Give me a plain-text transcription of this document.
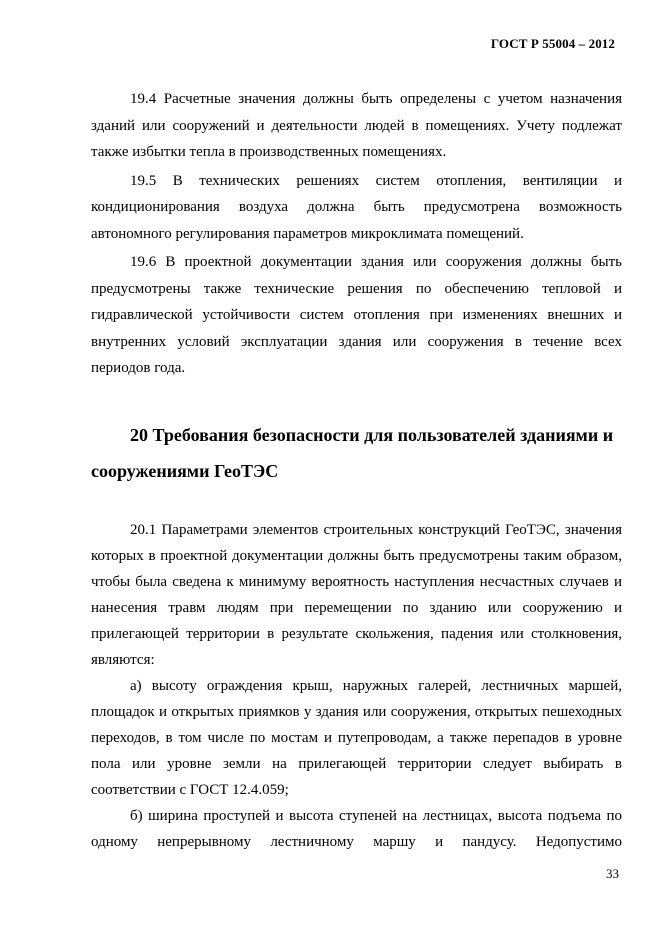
ГОСТ Р 55004 – 2012

19.4 Расчетные значения должны быть определены с учетом назначения зданий или сооружений и деятельности людей в помещениях. Учету подлежат также избытки тепла в производственных помещениях.

19.5 В технических решениях систем отопления, вентиляции и кондиционирования воздуха должна быть предусмотрена возможность автономного регулирования параметров микроклимата помещений.

19.6 В проектной документации здания или сооружения должны быть предусмотрены также технические решения по обеспечению тепловой и гидравлической устойчивости систем отопления при изменениях внешних и внутренних условий эксплуатации здания или сооружения в течение всех периодов года.

20 Требования безопасности для пользователей зданиями и сооружениями ГеоТЭС

20.1 Параметрами элементов строительных конструкций ГеоТЭС, значения которых в проектной документации должны быть предусмотрены таким образом, чтобы была сведена к минимуму вероятность наступления несчастных случаев и нанесения травм людям при перемещении по зданию или сооружению и прилегающей территории в результате скольжения, падения или столкновения, являются:

а) высоту ограждения крыш, наружных галерей, лестничных маршей, площадок и открытых приямков у здания или сооружения, открытых пешеходных переходов, в том числе по мостам и путепроводам, а также перепадов в уровне пола или уровне земли на прилегающей территории следует выбирать в соответствии с ГОСТ 12.4.059;

б) ширина проступей и высота ступеней на лестницах, высота подъема по одному непрерывному лестничному маршу и пандусу. Недопустимо

33
